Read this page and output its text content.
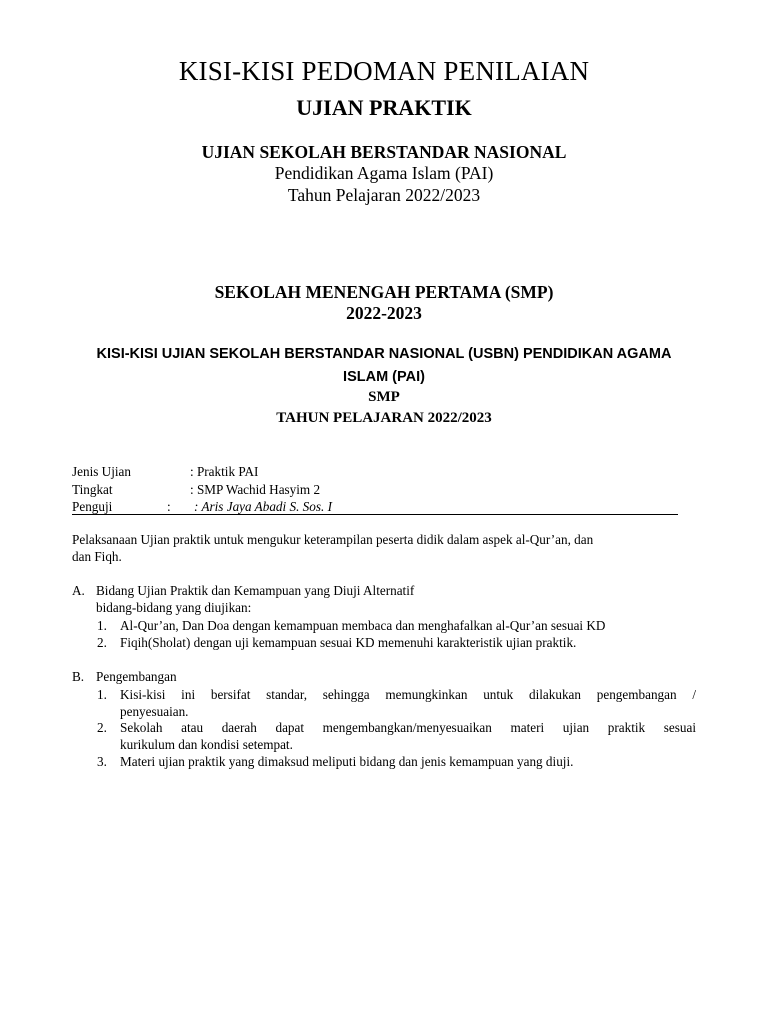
KISI-KISI PEDOMAN PENILAIAN
UJIAN PRAKTIK
UJIAN SEKOLAH BERSTANDAR NASIONAL
Pendidikan Agama Islam (PAI)
Tahun Pelajaran 2022/2023
SEKOLAH MENENGAH PERTAMA (SMP)
2022-2023
KISI-KISI UJIAN SEKOLAH BERSTANDAR NASIONAL (USBN) PENDIDIKAN AGAMA
ISLAM (PAI)
SMP
TAHUN PELAJARAN 2022/2023
Jenis Ujian	: Praktik PAI
Tingkat	: SMP Wachid Hasyim 2
Penguji	: : Aris Jaya Abadi S. Sos. I
Pelaksanaan Ujian praktik untuk mengukur keterampilan peserta didik dalam aspek al-Qur’an, dan
dan Fiqh.
A. Bidang Ujian Praktik dan Kemampuan yang Diuji Alternatif
bidang-bidang yang diujikan:
1. Al-Qur’an, Dan Doa dengan kemampuan membaca dan menghafalkan al-Qur’an sesuai KD
2. Fiqih(Sholat) dengan uji kemampuan sesuai KD memenuhi karakteristik ujian praktik.
B. Pengembangan
1. Kisi-kisi ini bersifat standar, sehingga memungkinkan untuk dilakukan pengembangan /
penyesuaian.
2. Sekolah atau daerah dapat mengembangkan/menyesuaikan materi ujian praktik sesuai
kurikulum dan kondisi setempat.
3. Materi ujian praktik yang dimaksud meliputi bidang dan jenis kemampuan yang diuji.
